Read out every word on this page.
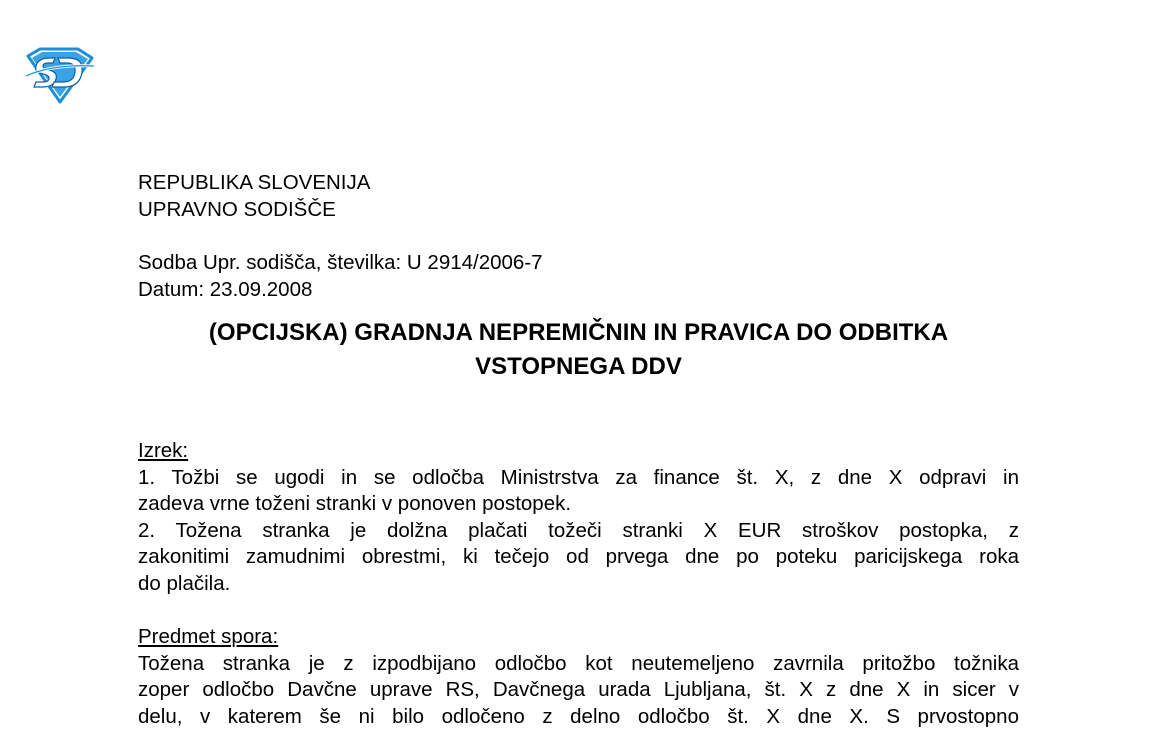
REPUBLIKA SLOVENIJA
UPRAVNO SODIŠČE
Sodba Upr. sodišča, številka: U 2914/2006-7
Datum: 23.09.2008
(OPCIJSKA) GRADNJA NEPREMIČNIN IN PRAVICA DO ODBITKA
VSTOPNEGA DDV
Izrek:
1. Tožbi se ugodi in se odločba Ministrstva za finance št. X, z dne X odpravi in
zadeva vrne toženi stranki v ponoven postopek.
2. Tožena stranka je dolžna plačati tožeči stranki X EUR stroškov postopka, z
zakonitimi zamudnimi obrestmi, ki tečejo od prvega dne po poteku paricijskega roka
do plačila.
Predmet spora:
Tožena stranka je z izpodbijano odločbo kot neutemeljeno zavrnila pritožbo tožnika
zoper odločbo Davčne uprave RS, Davčnega urada Ljubljana, št. X z dne X in sicer v
delu, v katerem še ni bilo odločeno z delno odločbo št. X dne X. S prvostopno
